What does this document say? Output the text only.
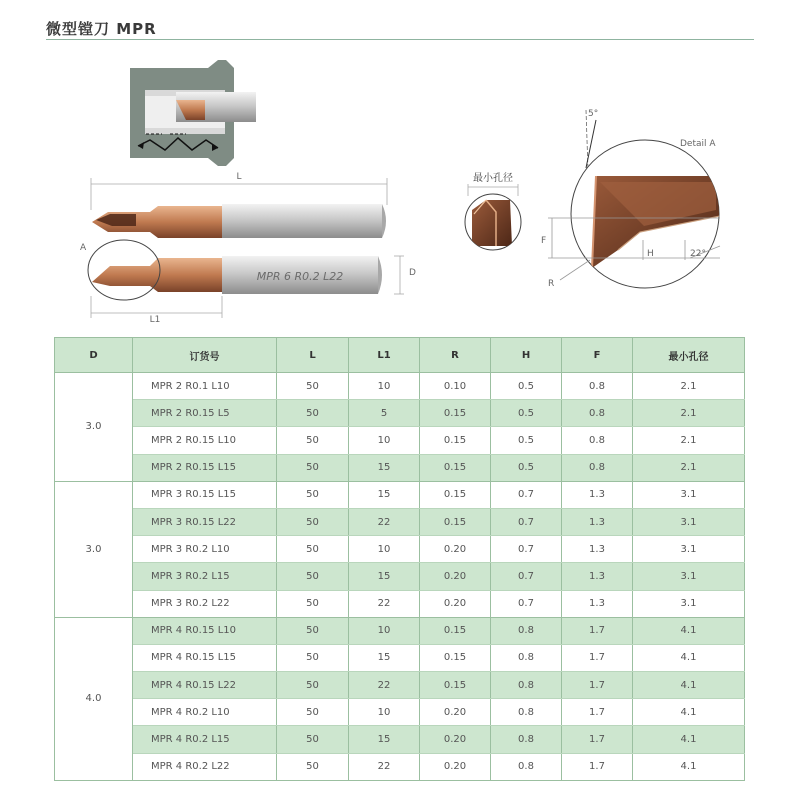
微型镗刀 MPR
L
MPR 6 R0.2 L22
A
D
L1
最小孔径
Detail A
5°
F
H	22°
R
D	订货号	L	L1	R	H	F	最小孔径
3.0	MPR 2 R0.1 L10	50	10	0.10	0.5	0.8	2.1
	MPR 2 R0.15 L5	50	5	0.15	0.5	0.8	2.1
	MPR 2 R0.15 L10	50	10	0.15	0.5	0.8	2.1
	MPR 2 R0.15 L15	50	15	0.15	0.5	0.8	2.1
3.0	MPR 3 R0.15 L15	50	15	0.15	0.7	1.3	3.1
	MPR 3 R0.15 L22	50	22	0.15	0.7	1.3	3.1
	MPR 3 R0.2 L10	50	10	0.20	0.7	1.3	3.1
	MPR 3 R0.2 L15	50	15	0.20	0.7	1.3	3.1
	MPR 3 R0.2 L22	50	22	0.20	0.7	1.3	3.1
4.0	MPR 4 R0.15 L10	50	10	0.15	0.8	1.7	4.1
	MPR 4 R0.15 L15	50	15	0.15	0.8	1.7	4.1
	MPR 4 R0.15 L22	50	22	0.15	0.8	1.7	4.1
	MPR 4 R0.2 L10	50	10	0.20	0.8	1.7	4.1
	MPR 4 R0.2 L15	50	15	0.20	0.8	1.7	4.1
	MPR 4 R0.2 L22	50	22	0.20	0.8	1.7	4.1
